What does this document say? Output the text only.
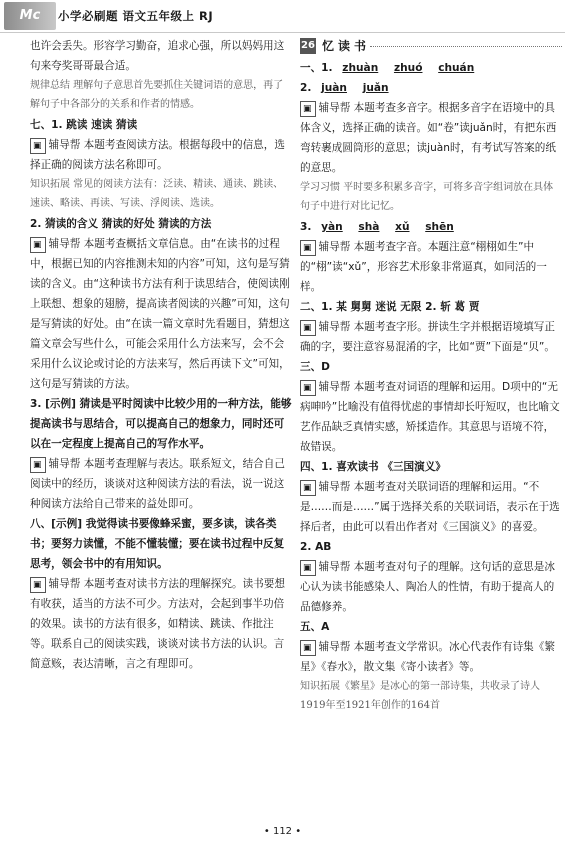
Mc	小学必刷题 语文五年级上 RJ

也许会丢失。形容学习勤奋，追求心强，所以妈妈用这句来夸奖哥哥最合适。

规律总结 理解句子意思首先要抓住关键词语的意思，再了解句子中各部分的关系和作者的情感。

七、1. 跳读 速读 猜读

▣辅导帮 本题考查阅读方法。根据每段中的信息，选择正确的阅读方法名称即可。

知识拓展 常见的阅读方法有：泛读、精读、通读、跳读、速读、略读、再读、写读、浮阅读、选读。

2. 猜读的含义 猜读的好处 猜读的方法

▣辅导帮 本题考查概括文章信息。由“在读书的过程中，根据已知的内容推测未知的内容”可知，这句是写猜读的含义。由“这种读书方法有利于读思结合，使阅读刚上联想、想象的翅膀，提高读者阅读的兴趣”可知，这句是写猜读的好处。由“在读一篇文章时先看题目，猜想这篇文章会写些什么，可能会采用什么方法来写，会不会采用什么议论或讨论的方法来写，然后再读下文”可知，这句是写猜读的方法。

3. [示例] 猜读是平时阅读中比较少用的一种方法，能够提高读书与思结合，可以提高自己的想象力，同时还可以在一定程度上提高自己的写作水平。

▣辅导帮 本题考查理解与表达。联系短文，结合自己阅读中的经历，谈谈对这种阅读方法的看法，说一说这种阅读方法给自己带来的益处即可。

八、[示例] 我觉得读书要像蜂采蜜，要多读，读各类书；要努力读懂，不能不懂装懂；要在读书过程中反复思考，领会书中的有用知识。

▣辅导帮 本题考查对读书方法的理解探究。读书要想有收获，适当的方法不可少。方法对，会起到事半功倍的效果。读书的方法有很多，如精读、跳读、作批注等。联系自己的阅读实践，谈谈对读书方法的认识。言简意赅，表达清晰，言之有理即可。

26 忆读书

一、1. zhuàn zhuó chuán

2. juàn juǎn

▣辅导帮 本题考查多音字。根据多音字在语境中的具体含义，选择正确的读音。如“卷”读juǎn时，有把东西弯转裹成圆筒形的意思；读juàn时，有考试写答案的纸的意思。

学习习惯 平时要多积累多音字，可将多音字组词放在具体句子中进行对比记忆。

3. yàn shà xǔ shēn

▣辅导帮 本题考查字音。本题注意“栩栩如生”中的“栩”读“xǔ”，形容艺术形象非常逼真，如同活的一样。

二、1. 某 舅舅 迷说 无限 2. 斩 葛 贾

▣辅导帮 本题考查字形。拼读生字并根据语境填写正确的字，要注意容易混淆的字，比如“贾”下面是“贝”。

三、D

▣辅导帮 本题考查对词语的理解和运用。D项中的“无病呻吟”比喻没有值得忧虑的事情却长吁短叹，也比喻文艺作品缺乏真情实感，矫揉造作。其意思与语境不符，故错误。

四、1. 喜欢读书 《三国演义》

▣辅导帮 本题考查对关联词语的理解和运用。“不是……而是……”属于选择关系的关联词语，表示在于选择后者，由此可以看出作者对《三国演义》的喜爱。

2. AB

▣辅导帮 本题考查对句子的理解。这句话的意思是冰心认为读书能感染人、陶冶人的性情，有助于提高人的品德修养。

五、A

▣辅导帮 本题考查文学常识。冰心代表作有诗集《繁星》《春水》，散文集《寄小读者》等。

知识拓展《繁星》是冰心的第一部诗集，共收录了诗人1919年至1921年创作的164首

• 112 •
